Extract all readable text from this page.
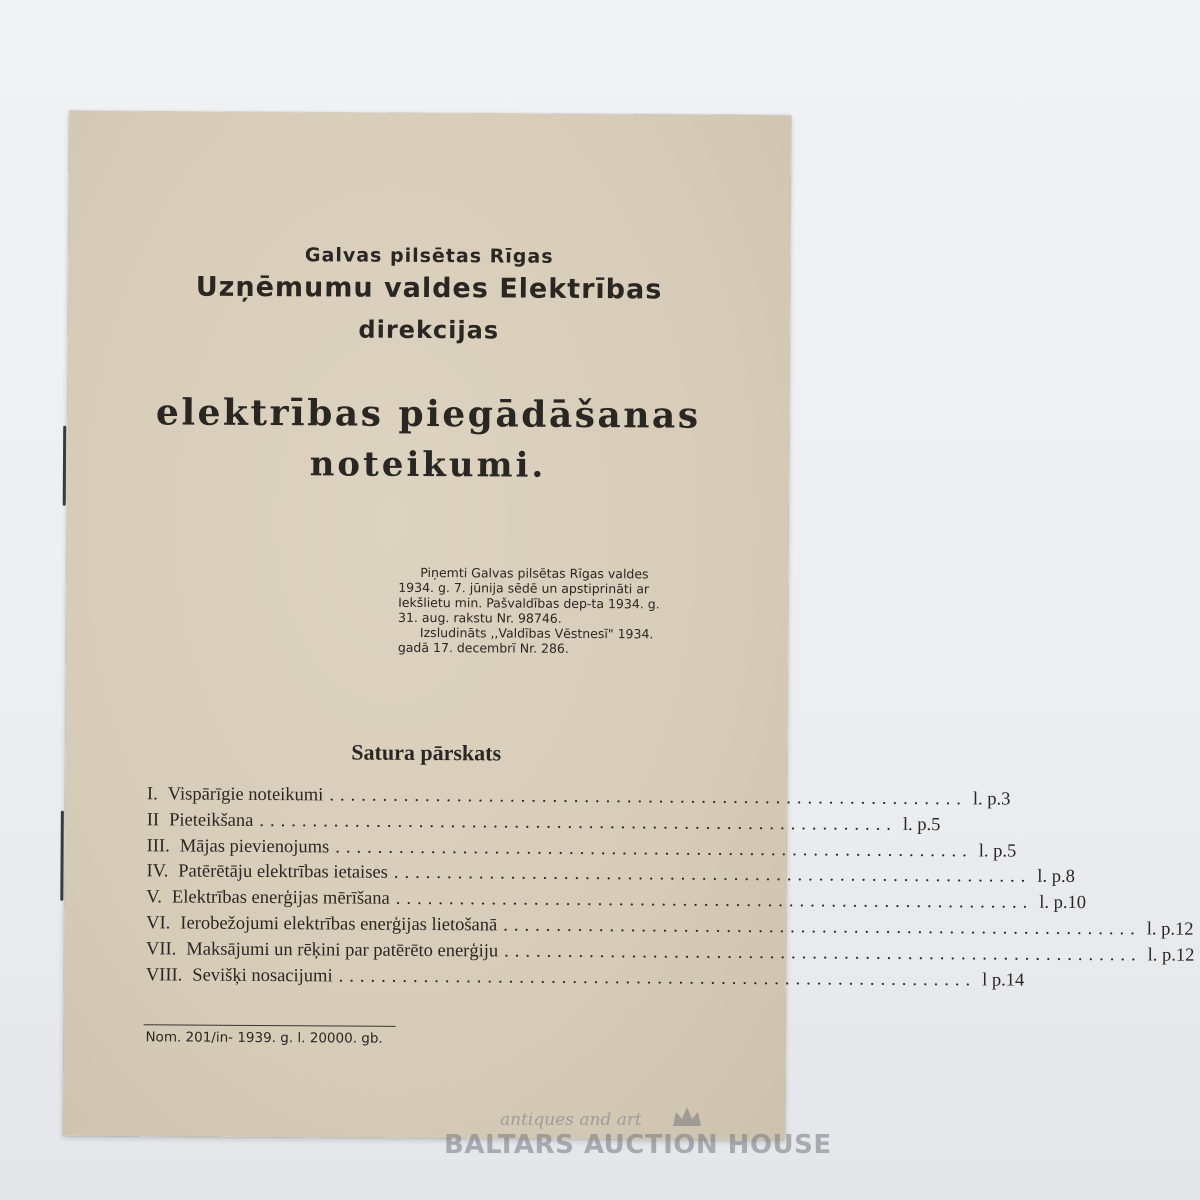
Galvas pilsētas Rīgas
Uzņēmumu valdes Elektrības
direkcijas
elektrības piegādāšanas
noteikumi.
Piņemti Galvas pilsētas Rīgas valdes
1934. g. 7. jūnija sēdē un apstiprināti ar
Iekšlietu min. Pašvaldības dep-ta 1934. g.
31. aug. rakstu Nr. 98746.
Izsludināts ,,Valdības Vēstnesī" 1934.
gadā 17. decembrī Nr. 286.
Satura pārskats
I. Vispārīgie noteikumi ............................................................ l. p. 3
II Pieteikšana ............................................................ l. p. 5
III. Mājas pievienojums ............................................................ l. p. 5
IV. Patērētāju elektrības ietaises ............................................................ l. p. 8
V. Elektrības enerģijas mērīšana ............................................................ l. p. 10
VI. Ierobežojumi elektrības enerģijas lietošanā ............................................................ l. p. 12
VII. Maksājumi un rēķini par patērēto enerģiju ............................................................ l. p. 12
VIII. Sevišķi nosacijumi ............................................................ l p. 14
Nom. 201/in- 1939. g. l. 20000. gb.
antiques and art
BALTARS AUCTION HOUSE
